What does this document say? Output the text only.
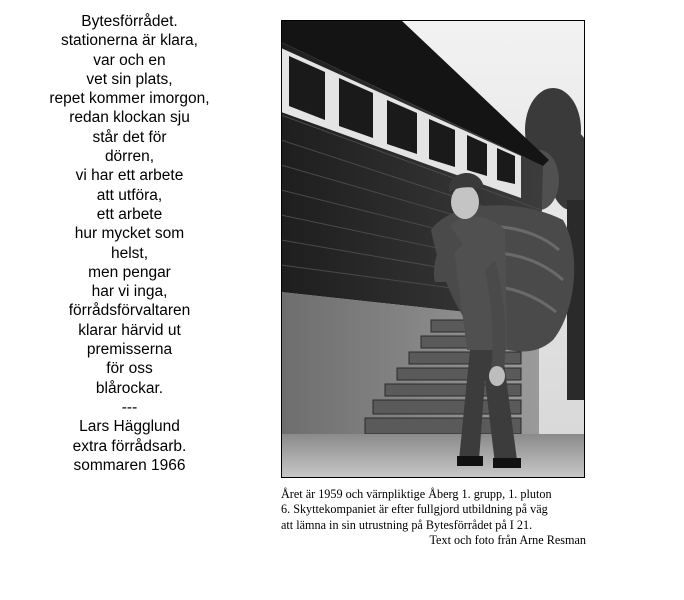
Bytesförrådet.
stationerna är klara,
var och en
vet sin plats,
repet kommer imorgon,
redan klockan sju
står det för
dörren,
vi har ett arbete
att utföra,
ett arbete
hur mycket som
helst,
men pengar
har vi inga,
förrådsförvaltaren
klarar härvid ut
premisserna
för oss
blårockar.
---
Lars Hägglund
extra förrådsarb.
sommaren 1966
Året är 1959 och värnpliktige Åberg 1. grupp, 1. pluton
6. Skyttekompaniet är efter fullgjord utbildning på väg
att lämna in sin utrustning på Bytesförrådet på I 21.
Text och foto från Arne Resman
